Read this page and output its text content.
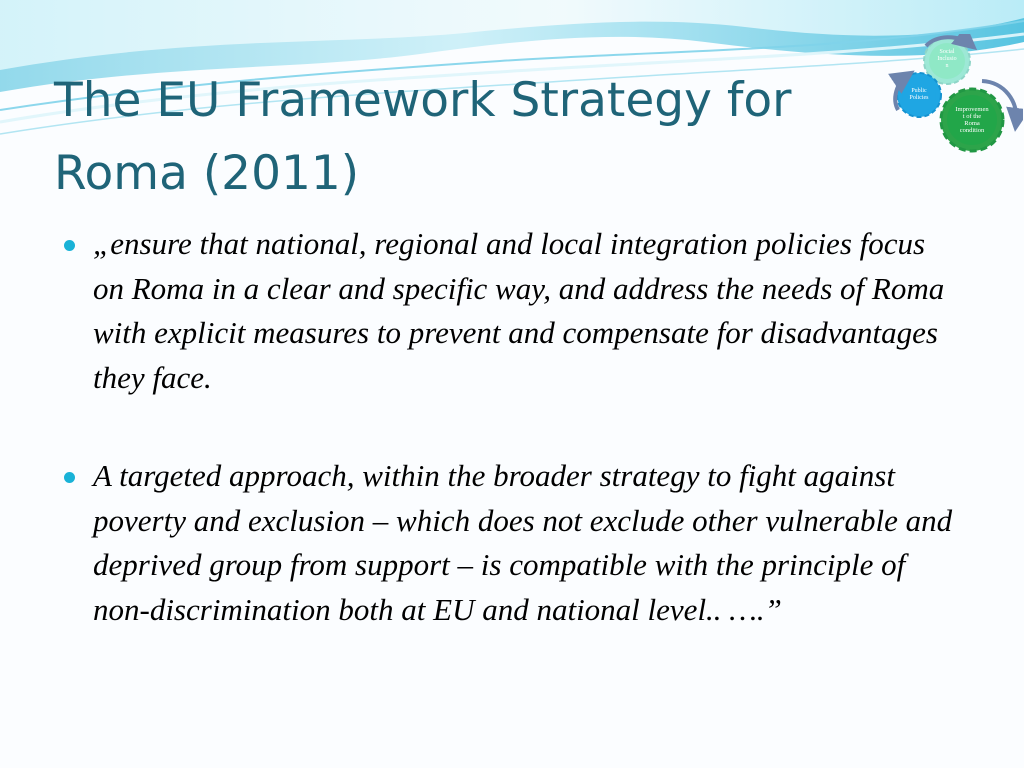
The EU Framework Strategy for
Roma (2011)
Social
Inclusio
n
Public
Policies
Improvemen
t of the
Roma
condition
„ensure that national, regional and local integration policies focus on Roma in a clear and specific way, and address the needs of Roma with explicit measures to prevent and compensate for disadvantages they face.
A targeted approach, within the broader strategy to fight against poverty and exclusion – which does not exclude other vulnerable and deprived group from support – is compatible with the principle of non-discrimination both at EU and national level.. ….”
